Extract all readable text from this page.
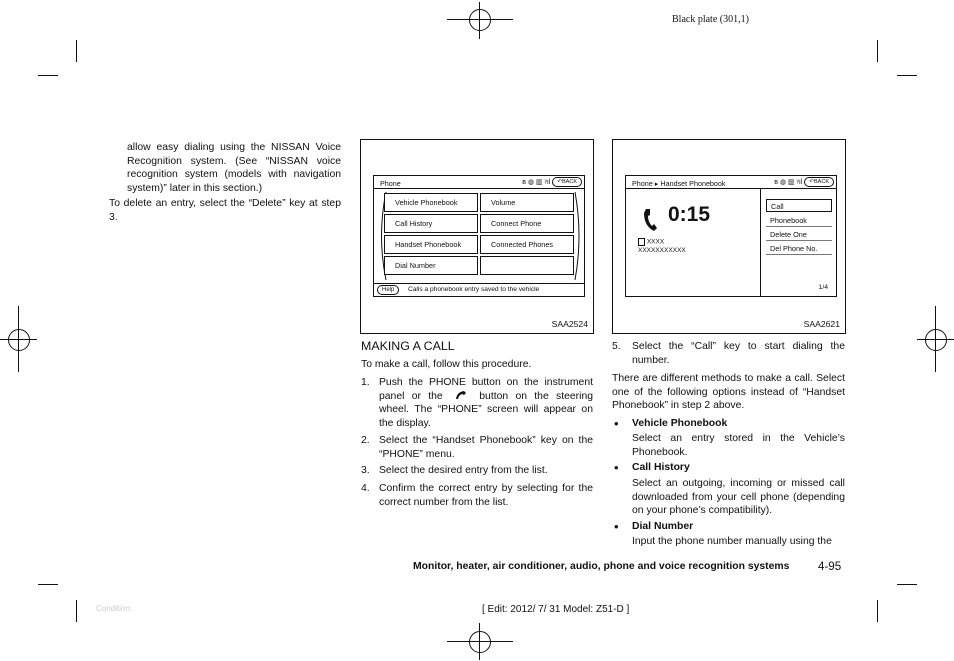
Black plate (301,1)
allow easy dialing using the NISSAN Voice Recognition system. (See “NISSAN voice recognition system (models with navigation system)” later in this section.)
To delete an entry, select the “Delete” key at step 3.
Phone	ʙ ◍ ▥ ᵞıl	↶BACK
Vehicle Phonebook
Call History
Handset Phonebook
Dial Number
Volume
Connect Phone
Connected Phones
Help	Calls a phonebook entry saved to the vehicle
SAA2524
Phone ▸ Handset Phonebook	ʙ ◍ ▥ ᵞıl	↶BACK
0:15
XXXX
XXXXXXXXXXX
Call
Phonebook
Delete One
Del Phone No.
1/4
SAA2621
MAKING A CALL
To make a call, follow this procedure.
1. Push the PHONE button on the instrument panel or the	button on the steering wheel. The “PHONE” screen will appear on the display.
2. Select the “Handset Phonebook” key on the “PHONE” menu.
3. Select the desired entry from the list.
4. Confirm the correct entry by selecting for the correct number from the list.
5. Select the “Call” key to start dialing the number.
There are different methods to make a call. Select one of the following options instead of “Handset Phonebook” in step 2 above.
• Vehicle Phonebook
Select an entry stored in the Vehicle’s Phonebook.
• Call History
Select an outgoing, incoming or missed call downloaded from your cell phone (depending on your phone’s compatibility).
• Dial Number
Input the phone number manually using the
Monitor, heater, air conditioner, audio, phone and voice recognition systems 4-95
Condition:	[ Edit: 2012/ 7/ 31 Model: Z51-D ]
